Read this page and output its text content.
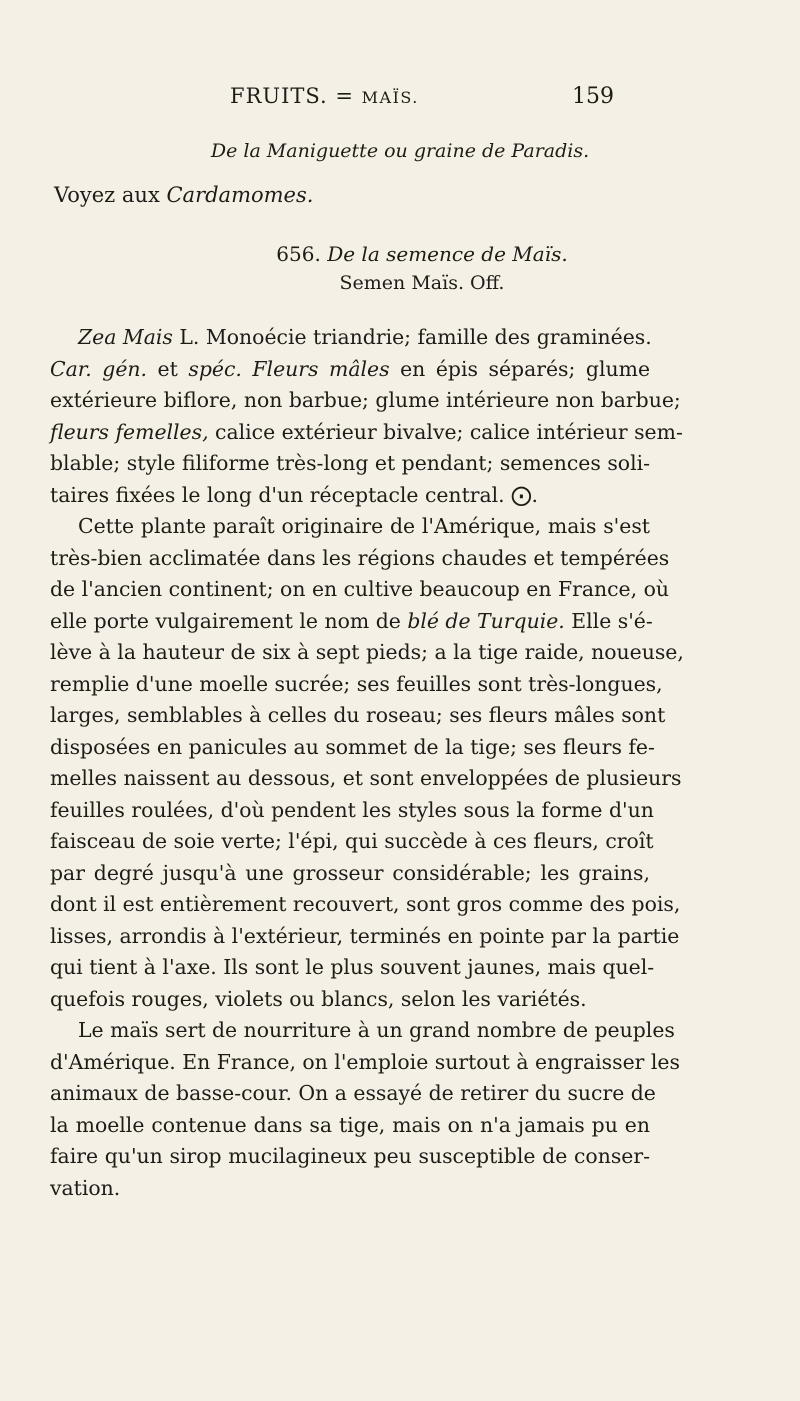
FRUITS. = MAÏS.	159
De la Maniguette ou graine de Paradis.
Voyez aux Cardamomes.
656. De la semence de Maïs.
Semen Maïs. Off.
Zea Mais L. Monoécie triandrie; famille des graminées.
Car. gén. et spéc. Fleurs mâles en épis séparés; glume
extérieure biflore, non barbue; glume intérieure non barbue;
fleurs femelles, calice extérieur bivalve; calice intérieur sem-
blable; style filiforme très-long et pendant; semences soli-
taires fixées le long d'un réceptacle central. ⨀.
Cette plante paraît originaire de l'Amérique, mais s'est
très-bien acclimatée dans les régions chaudes et tempérées
de l'ancien continent; on en cultive beaucoup en France, où
elle porte vulgairement le nom de blé de Turquie. Elle s'é-
lève à la hauteur de six à sept pieds; a la tige raide, noueuse,
remplie d'une moelle sucrée; ses feuilles sont très-longues,
larges, semblables à celles du roseau; ses fleurs mâles sont
disposées en panicules au sommet de la tige; ses fleurs fe-
melles naissent au dessous, et sont enveloppées de plusieurs
feuilles roulées, d'où pendent les styles sous la forme d'un
faisceau de soie verte; l'épi, qui succède à ces fleurs, croît
par degré jusqu'à une grosseur considérable; les grains,
dont il est entièrement recouvert, sont gros comme des pois,
lisses, arrondis à l'extérieur, terminés en pointe par la partie
qui tient à l'axe. Ils sont le plus souvent jaunes, mais quel-
quefois rouges, violets ou blancs, selon les variétés.
Le maïs sert de nourriture à un grand nombre de peuples
d'Amérique. En France, on l'emploie surtout à engraisser les
animaux de basse-cour. On a essayé de retirer du sucre de
la moelle contenue dans sa tige, mais on n'a jamais pu en
faire qu'un sirop mucilagineux peu susceptible de conser-
vation.
